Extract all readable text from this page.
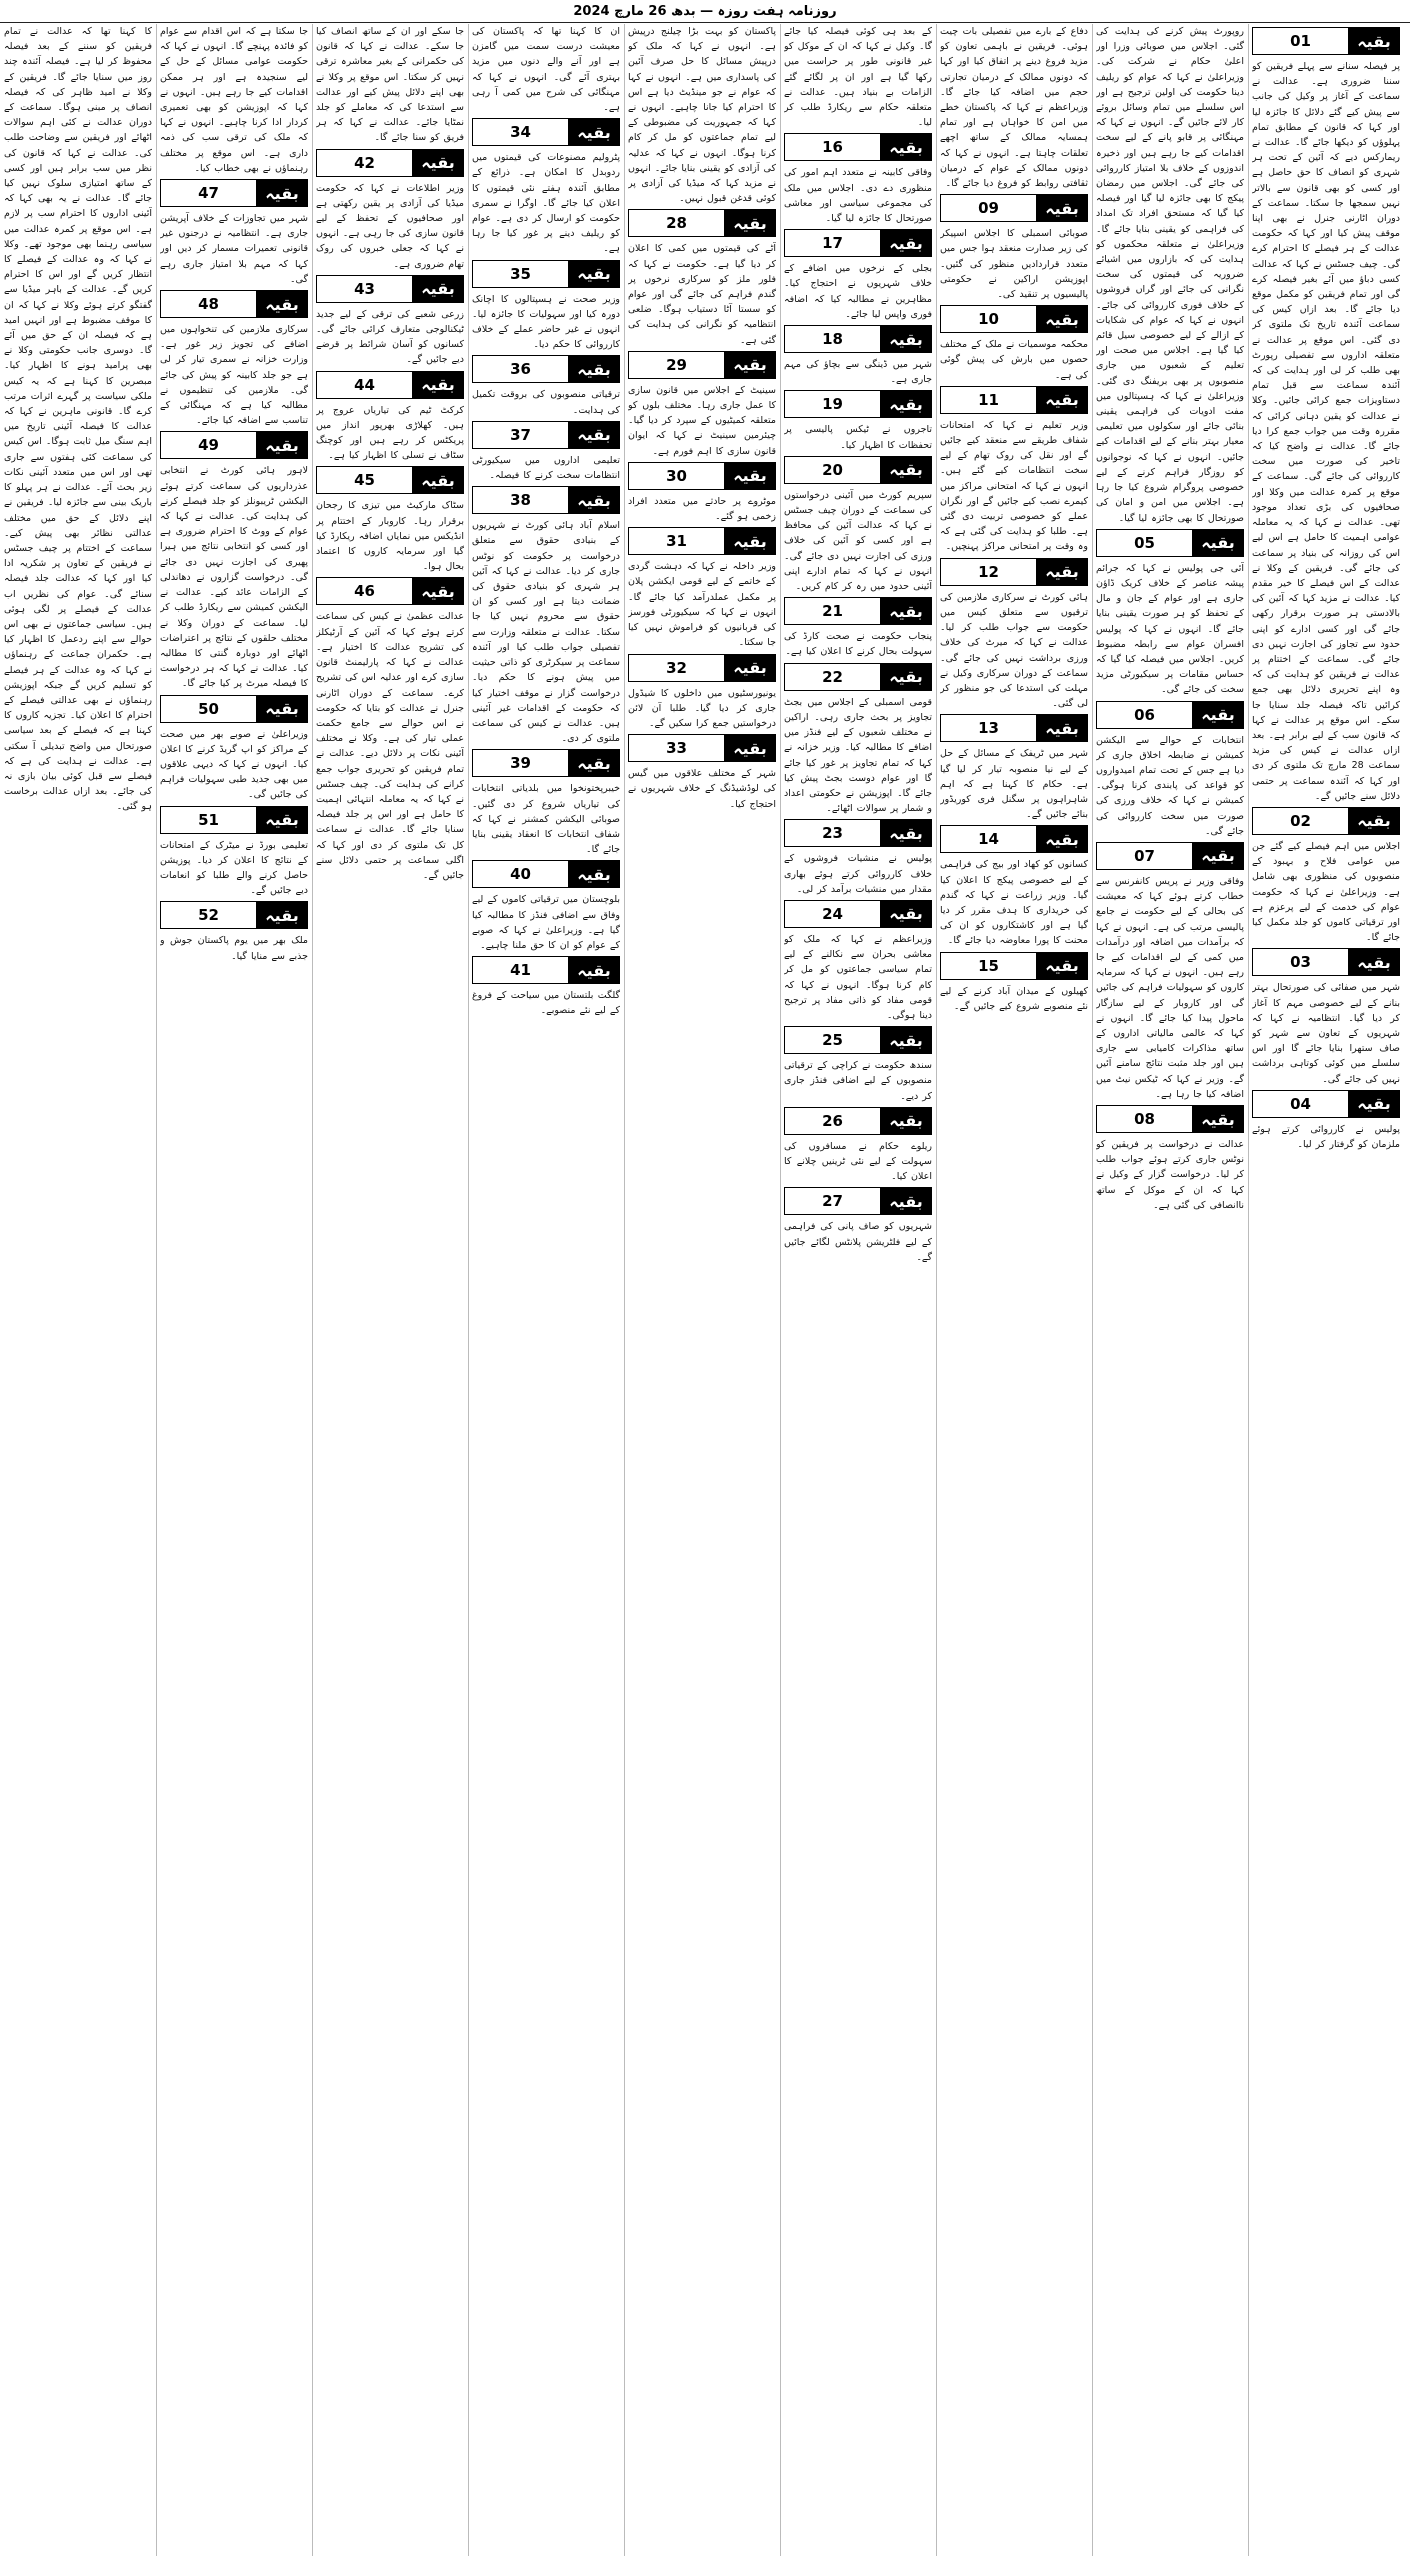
روزنامہ ہفت روزہ — بدھ 26 مارچ 2024
01	بقیہ

پر فیصلہ سنانے سے پہلے فریقین کو سننا ضروری ہے۔ عدالت نے سماعت کے آغاز پر وکیل کی جانب سے پیش کیے گئے دلائل کا جائزہ لیا اور کہا کہ قانون کے مطابق تمام پہلوؤں کو دیکھا جائے گا۔ عدالت نے ریمارکس دیے کہ آئین کے تحت ہر شہری کو انصاف کا حق حاصل ہے اور کسی کو بھی قانون سے بالاتر نہیں سمجھا جا سکتا۔ سماعت کے دوران اٹارنی جنرل نے بھی اپنا موقف پیش کیا اور کہا کہ حکومت عدالت کے ہر فیصلے کا احترام کرے گی۔ چیف جسٹس نے کہا کہ عدالت کسی دباؤ میں آئے بغیر فیصلہ کرے گی اور تمام فریقین کو مکمل موقع دیا جائے گا۔ بعد ازاں کیس کی سماعت آئندہ تاریخ تک ملتوی کر دی گئی۔ اس موقع پر عدالت نے متعلقہ اداروں سے تفصیلی رپورٹ بھی طلب کر لی اور ہدایت کی کہ آئندہ سماعت سے قبل تمام دستاویزات جمع کرائی جائیں۔ وکلا نے عدالت کو یقین دہانی کرائی کہ مقررہ وقت میں جواب جمع کرا دیا جائے گا۔ عدالت نے واضح کیا کہ تاخیر کی صورت میں سخت کارروائی کی جائے گی۔ سماعت کے موقع پر کمرہ عدالت میں وکلا اور صحافیوں کی بڑی تعداد موجود تھی۔ عدالت نے کہا کہ یہ معاملہ عوامی اہمیت کا حامل ہے اس لیے اس کی روزانہ کی بنیاد پر سماعت کی جائے گی۔ فریقین کے وکلا نے عدالت کے اس فیصلے کا خیر مقدم کیا۔ عدالت نے مزید کہا کہ آئین کی بالادستی ہر صورت برقرار رکھی جائے گی اور کسی ادارے کو اپنی حدود سے تجاوز کی اجازت نہیں دی جائے گی۔ سماعت کے اختتام پر عدالت نے فریقین کو ہدایت کی کہ وہ اپنے تحریری دلائل بھی جمع کرائیں تاکہ فیصلہ جلد سنایا جا سکے۔ اس موقع پر عدالت نے کہا کہ قانون سب کے لیے برابر ہے۔ بعد ازاں عدالت نے کیس کی مزید سماعت 28 مارچ تک ملتوی کر دی اور کہا کہ آئندہ سماعت پر حتمی دلائل سنے جائیں گے۔

02	بقیہ

اجلاس میں اہم فیصلے کیے گئے جن میں عوامی فلاح و بہبود کے منصوبوں کی منظوری بھی شامل ہے۔ وزیراعلیٰ نے کہا کہ حکومت عوام کی خدمت کے لیے پرعزم ہے اور ترقیاتی کاموں کو جلد مکمل کیا جائے گا۔

03	بقیہ

شہر میں صفائی کی صورتحال بہتر بنانے کے لیے خصوصی مہم کا آغاز کر دیا گیا۔ انتظامیہ نے کہا کہ شہریوں کے تعاون سے شہر کو صاف ستھرا بنایا جائے گا اور اس سلسلے میں کوئی کوتاہی برداشت نہیں کی جائے گی۔

04	بقیہ

پولیس نے کارروائی کرتے ہوئے ملزمان کو گرفتار کر لیا۔

روپورٹ پیش کرنے کی ہدایت کی گئی۔ اجلاس میں صوبائی وزرا اور اعلیٰ حکام نے شرکت کی۔ وزیراعلیٰ نے کہا کہ عوام کو ریلیف دینا حکومت کی اولین ترجیح ہے اور اس سلسلے میں تمام وسائل بروئے کار لائے جائیں گے۔ انہوں نے کہا کہ مہنگائی پر قابو پانے کے لیے سخت اقدامات کیے جا رہے ہیں اور ذخیرہ اندوزوں کے خلاف بلا امتیاز کارروائی کی جائے گی۔ اجلاس میں رمضان پیکج کا بھی جائزہ لیا گیا اور فیصلہ کیا گیا کہ مستحق افراد تک امداد کی فراہمی کو یقینی بنایا جائے گا۔ وزیراعلیٰ نے متعلقہ محکموں کو ہدایت کی کہ بازاروں میں اشیائے ضروریہ کی قیمتوں کی سخت نگرانی کی جائے اور گراں فروشوں کے خلاف فوری کارروائی کی جائے۔ انہوں نے کہا کہ عوام کی شکایات کے ازالے کے لیے خصوصی سیل قائم کیا گیا ہے۔ اجلاس میں صحت اور تعلیم کے شعبوں میں جاری منصوبوں پر بھی بریفنگ دی گئی۔ وزیراعلیٰ نے کہا کہ ہسپتالوں میں مفت ادویات کی فراہمی یقینی بنائی جائے اور سکولوں میں تعلیمی معیار بہتر بنانے کے لیے اقدامات کیے جائیں۔ انہوں نے کہا کہ نوجوانوں کو روزگار فراہم کرنے کے لیے خصوصی پروگرام شروع کیا جا رہا ہے۔ اجلاس میں امن و امان کی صورتحال کا بھی جائزہ لیا گیا۔

05	بقیہ

آئی جی پولیس نے کہا کہ جرائم پیشہ عناصر کے خلاف کریک ڈاؤن جاری ہے اور عوام کے جان و مال کے تحفظ کو ہر صورت یقینی بنایا جائے گا۔ انہوں نے کہا کہ پولیس افسران عوام سے رابطہ مضبوط کریں۔ اجلاس میں فیصلہ کیا گیا کہ حساس مقامات پر سیکیورٹی مزید سخت کی جائے گی۔

06	بقیہ

انتخابات کے حوالے سے الیکشن کمیشن نے ضابطہ اخلاق جاری کر دیا ہے جس کے تحت تمام امیدواروں کو قواعد کی پابندی کرنا ہوگی۔ کمیشن نے کہا کہ خلاف ورزی کی صورت میں سخت کارروائی کی جائے گی۔

07	بقیہ

وفاقی وزیر نے پریس کانفرنس سے خطاب کرتے ہوئے کہا کہ معیشت کی بحالی کے لیے حکومت نے جامع پالیسی مرتب کی ہے۔ انہوں نے کہا کہ برآمدات میں اضافہ اور درآمدات میں کمی کے لیے اقدامات کیے جا رہے ہیں۔ انہوں نے کہا کہ سرمایہ کاروں کو سہولیات فراہم کی جائیں گی اور کاروبار کے لیے سازگار ماحول پیدا کیا جائے گا۔ انہوں نے کہا کہ عالمی مالیاتی اداروں کے ساتھ مذاکرات کامیابی سے جاری ہیں اور جلد مثبت نتائج سامنے آئیں گے۔ وزیر نے کہا کہ ٹیکس نیٹ میں اضافہ کیا جا رہا ہے۔

08	بقیہ

عدالت نے درخواست پر فریقین کو نوٹس جاری کرتے ہوئے جواب طلب کر لیا۔ درخواست گزار کے وکیل نے کہا کہ ان کے موکل کے ساتھ ناانصافی کی گئی ہے۔

دفاع کے بارے میں تفصیلی بات چیت ہوئی۔ فریقین نے باہمی تعاون کو مزید فروغ دینے پر اتفاق کیا اور کہا کہ دونوں ممالک کے درمیان تجارتی حجم میں اضافہ کیا جائے گا۔ وزیراعظم نے کہا کہ پاکستان خطے میں امن کا خواہاں ہے اور تمام ہمسایہ ممالک کے ساتھ اچھے تعلقات چاہتا ہے۔ انہوں نے کہا کہ دونوں ممالک کے عوام کے درمیان ثقافتی روابط کو فروغ دیا جائے گا۔

09	بقیہ

صوبائی اسمبلی کا اجلاس اسپیکر کی زیر صدارت منعقد ہوا جس میں متعدد قراردادیں منظور کی گئیں۔ اپوزیشن اراکین نے حکومتی پالیسیوں پر تنقید کی۔

10	بقیہ

محکمہ موسمیات نے ملک کے مختلف حصوں میں بارش کی پیش گوئی کی ہے۔

11	بقیہ

وزیر تعلیم نے کہا کہ امتحانات شفاف طریقے سے منعقد کیے جائیں گے اور نقل کی روک تھام کے لیے سخت انتظامات کیے گئے ہیں۔ انہوں نے کہا کہ امتحانی مراکز میں کیمرے نصب کیے جائیں گے اور نگران عملے کو خصوصی تربیت دی گئی ہے۔ طلبا کو ہدایت کی گئی ہے کہ وہ وقت پر امتحانی مراکز پہنچیں۔

12	بقیہ

ہائی کورٹ نے سرکاری ملازمین کی ترقیوں سے متعلق کیس میں حکومت سے جواب طلب کر لیا۔ عدالت نے کہا کہ میرٹ کی خلاف ورزی برداشت نہیں کی جائے گی۔ سماعت کے دوران سرکاری وکیل نے مہلت کی استدعا کی جو منظور کر لی گئی۔

13	بقیہ

شہر میں ٹریفک کے مسائل کے حل کے لیے نیا منصوبہ تیار کر لیا گیا ہے۔ حکام کا کہنا ہے کہ اہم شاہراہوں پر سگنل فری کوریڈور بنائے جائیں گے۔

14	بقیہ

کسانوں کو کھاد اور بیج کی فراہمی کے لیے خصوصی پیکج کا اعلان کیا گیا۔ وزیر زراعت نے کہا کہ گندم کی خریداری کا ہدف مقرر کر دیا گیا ہے اور کاشتکاروں کو ان کی محنت کا پورا معاوضہ دیا جائے گا۔

15	بقیہ

کھیلوں کے میدان آباد کرنے کے لیے نئے منصوبے شروع کیے جائیں گے۔

کے بعد ہی کوئی فیصلہ کیا جائے گا۔ وکیل نے کہا کہ ان کے موکل کو غیر قانونی طور پر حراست میں رکھا گیا ہے اور ان پر لگائے گئے الزامات بے بنیاد ہیں۔ عدالت نے متعلقہ حکام سے ریکارڈ طلب کر لیا۔

16	بقیہ

وفاقی کابینہ نے متعدد اہم امور کی منظوری دے دی۔ اجلاس میں ملک کی مجموعی سیاسی اور معاشی صورتحال کا جائزہ لیا گیا۔

17	بقیہ

بجلی کے نرخوں میں اضافے کے خلاف شہریوں نے احتجاج کیا۔ مظاہرین نے مطالبہ کیا کہ اضافہ فوری واپس لیا جائے۔

18	بقیہ

شہر میں ڈینگی سے بچاؤ کی مہم جاری ہے۔

19	بقیہ

تاجروں نے ٹیکس پالیسی پر تحفظات کا اظہار کیا۔

20	بقیہ

سپریم کورٹ میں آئینی درخواستوں کی سماعت کے دوران چیف جسٹس نے کہا کہ عدالت آئین کی محافظ ہے اور کسی کو آئین کی خلاف ورزی کی اجازت نہیں دی جائے گی۔ انہوں نے کہا کہ تمام ادارے اپنی آئینی حدود میں رہ کر کام کریں۔

21	بقیہ

پنجاب حکومت نے صحت کارڈ کی سہولت بحال کرنے کا اعلان کیا ہے۔

22	بقیہ

قومی اسمبلی کے اجلاس میں بجٹ تجاویز پر بحث جاری رہی۔ اراکین نے مختلف شعبوں کے لیے فنڈز میں اضافے کا مطالبہ کیا۔ وزیر خزانہ نے کہا کہ تمام تجاویز پر غور کیا جائے گا اور عوام دوست بجٹ پیش کیا جائے گا۔ اپوزیشن نے حکومتی اعداد و شمار پر سوالات اٹھائے۔

23	بقیہ

پولیس نے منشیات فروشوں کے خلاف کارروائی کرتے ہوئے بھاری مقدار میں منشیات برآمد کر لی۔

24	بقیہ

وزیراعظم نے کہا کہ ملک کو معاشی بحران سے نکالنے کے لیے تمام سیاسی جماعتوں کو مل کر کام کرنا ہوگا۔ انہوں نے کہا کہ قومی مفاد کو ذاتی مفاد پر ترجیح دینا ہوگی۔

25	بقیہ

سندھ حکومت نے کراچی کے ترقیاتی منصوبوں کے لیے اضافی فنڈز جاری کر دیے۔

26	بقیہ

ریلوے حکام نے مسافروں کی سہولت کے لیے نئی ٹرینیں چلانے کا اعلان کیا۔

27	بقیہ

شہریوں کو صاف پانی کی فراہمی کے لیے فلٹریشن پلانٹس لگائے جائیں گے۔

پاکستان کو بہت بڑا چیلنج درپیش ہے۔ انہوں نے کہا کہ ملک کو درپیش مسائل کا حل صرف آئین کی پاسداری میں ہے۔ انہوں نے کہا کہ عوام نے جو مینڈیٹ دیا ہے اس کا احترام کیا جانا چاہیے۔ انہوں نے کہا کہ جمہوریت کی مضبوطی کے لیے تمام جماعتوں کو مل کر کام کرنا ہوگا۔ انہوں نے کہا کہ عدلیہ کی آزادی کو یقینی بنایا جائے۔ انہوں نے مزید کہا کہ میڈیا کی آزادی پر کوئی قدغن قبول نہیں۔

28	بقیہ

آٹے کی قیمتوں میں کمی کا اعلان کر دیا گیا ہے۔ حکومت نے کہا کہ فلور ملز کو سرکاری نرخوں پر گندم فراہم کی جائے گی اور عوام کو سستا آٹا دستیاب ہوگا۔ ضلعی انتظامیہ کو نگرانی کی ہدایت کی گئی ہے۔

29	بقیہ

سینیٹ کے اجلاس میں قانون سازی کا عمل جاری رہا۔ مختلف بلوں کو متعلقہ کمیٹیوں کے سپرد کر دیا گیا۔ چیئرمین سینیٹ نے کہا کہ ایوان قانون سازی کا اہم فورم ہے۔

30	بقیہ

موٹروے پر حادثے میں متعدد افراد زخمی ہو گئے۔

31	بقیہ

وزیر داخلہ نے کہا کہ دہشت گردی کے خاتمے کے لیے قومی ایکشن پلان پر مکمل عملدرآمد کیا جائے گا۔ انہوں نے کہا کہ سیکیورٹی فورسز کی قربانیوں کو فراموش نہیں کیا جا سکتا۔

32	بقیہ

یونیورسٹیوں میں داخلوں کا شیڈول جاری کر دیا گیا۔ طلبا آن لائن درخواستیں جمع کرا سکیں گے۔

33	بقیہ

شہر کے مختلف علاقوں میں گیس کی لوڈشیڈنگ کے خلاف شہریوں نے احتجاج کیا۔

ان کا کہنا تھا کہ پاکستان کی معیشت درست سمت میں گامزن ہے اور آنے والے دنوں میں مزید بہتری آئے گی۔ انہوں نے کہا کہ مہنگائی کی شرح میں کمی آ رہی ہے۔

34	بقیہ

پٹرولیم مصنوعات کی قیمتوں میں ردوبدل کا امکان ہے۔ ذرائع کے مطابق آئندہ ہفتے نئی قیمتوں کا اعلان کیا جائے گا۔ اوگرا نے سمری حکومت کو ارسال کر دی ہے۔ عوام کو ریلیف دینے پر غور کیا جا رہا ہے۔

35	بقیہ

وزیر صحت نے ہسپتالوں کا اچانک دورہ کیا اور سہولیات کا جائزہ لیا۔ انہوں نے غیر حاضر عملے کے خلاف کارروائی کا حکم دیا۔

36	بقیہ

ترقیاتی منصوبوں کی بروقت تکمیل کی ہدایت۔

37	بقیہ

تعلیمی اداروں میں سیکیورٹی انتظامات سخت کرنے کا فیصلہ۔

38	بقیہ

اسلام آباد ہائی کورٹ نے شہریوں کے بنیادی حقوق سے متعلق درخواست پر حکومت کو نوٹس جاری کر دیا۔ عدالت نے کہا کہ آئین ہر شہری کو بنیادی حقوق کی ضمانت دیتا ہے اور کسی کو ان حقوق سے محروم نہیں کیا جا سکتا۔ عدالت نے متعلقہ وزارت سے تفصیلی جواب طلب کیا اور آئندہ سماعت پر سیکرٹری کو ذاتی حیثیت میں پیش ہونے کا حکم دیا۔ درخواست گزار نے موقف اختیار کیا کہ حکومت کے اقدامات غیر آئینی ہیں۔ عدالت نے کیس کی سماعت ملتوی کر دی۔

39	بقیہ

خیبرپختونخوا میں بلدیاتی انتخابات کی تیاریاں شروع کر دی گئیں۔ صوبائی الیکشن کمشنر نے کہا کہ شفاف انتخابات کا انعقاد یقینی بنایا جائے گا۔

40	بقیہ

بلوچستان میں ترقیاتی کاموں کے لیے وفاق سے اضافی فنڈز کا مطالبہ کیا گیا ہے۔ وزیراعلیٰ نے کہا کہ صوبے کے عوام کو ان کا حق ملنا چاہیے۔

41	بقیہ

گلگت بلتستان میں سیاحت کے فروغ کے لیے نئے منصوبے۔

جا سکے اور ان کے ساتھ انصاف کیا جا سکے۔ عدالت نے کہا کہ قانون کی حکمرانی کے بغیر معاشرہ ترقی نہیں کر سکتا۔ اس موقع پر وکلا نے بھی اپنے دلائل پیش کیے اور عدالت سے استدعا کی کہ معاملے کو جلد نمٹایا جائے۔ عدالت نے کہا کہ ہر فریق کو سنا جائے گا۔

42	بقیہ

وزیر اطلاعات نے کہا کہ حکومت میڈیا کی آزادی پر یقین رکھتی ہے اور صحافیوں کے تحفظ کے لیے قانون سازی کی جا رہی ہے۔ انہوں نے کہا کہ جعلی خبروں کی روک تھام ضروری ہے۔

43	بقیہ

زرعی شعبے کی ترقی کے لیے جدید ٹیکنالوجی متعارف کرائی جائے گی۔ کسانوں کو آسان شرائط پر قرضے دیے جائیں گے۔

44	بقیہ

کرکٹ ٹیم کی تیاریاں عروج پر ہیں۔ کھلاڑی بھرپور انداز میں پریکٹس کر رہے ہیں اور کوچنگ سٹاف نے تسلی کا اظہار کیا ہے۔

45	بقیہ

سٹاک مارکیٹ میں تیزی کا رجحان برقرار رہا۔ کاروبار کے اختتام پر انڈیکس میں نمایاں اضافہ ریکارڈ کیا گیا اور سرمایہ کاروں کا اعتماد بحال ہوا۔

46	بقیہ

عدالت عظمیٰ نے کیس کی سماعت کرتے ہوئے کہا کہ آئین کے آرٹیکلز کی تشریح عدالت کا اختیار ہے۔ عدالت نے کہا کہ پارلیمنٹ قانون سازی کرے اور عدلیہ اس کی تشریح کرے۔ سماعت کے دوران اٹارنی جنرل نے عدالت کو بتایا کہ حکومت نے اس حوالے سے جامع حکمت عملی تیار کی ہے۔ وکلا نے مختلف آئینی نکات پر دلائل دیے۔ عدالت نے تمام فریقین کو تحریری جواب جمع کرانے کی ہدایت کی۔ چیف جسٹس نے کہا کہ یہ معاملہ انتہائی اہمیت کا حامل ہے اور اس پر جلد فیصلہ سنایا جائے گا۔ عدالت نے سماعت کل تک ملتوی کر دی اور کہا کہ اگلی سماعت پر حتمی دلائل سنے جائیں گے۔

جا سکتا ہے کہ اس اقدام سے عوام کو فائدہ پہنچے گا۔ انہوں نے کہا کہ حکومت عوامی مسائل کے حل کے لیے سنجیدہ ہے اور ہر ممکن اقدامات کیے جا رہے ہیں۔ انہوں نے کہا کہ اپوزیشن کو بھی تعمیری کردار ادا کرنا چاہیے۔ انہوں نے کہا کہ ملک کی ترقی سب کی ذمہ داری ہے۔ اس موقع پر مختلف رہنماؤں نے بھی خطاب کیا۔

47	بقیہ

شہر میں تجاوزات کے خلاف آپریشن جاری ہے۔ انتظامیہ نے درجنوں غیر قانونی تعمیرات مسمار کر دیں اور کہا کہ مہم بلا امتیاز جاری رہے گی۔

48	بقیہ

سرکاری ملازمین کی تنخواہوں میں اضافے کی تجویز زیر غور ہے۔ وزارت خزانہ نے سمری تیار کر لی ہے جو جلد کابینہ کو پیش کی جائے گی۔ ملازمین کی تنظیموں نے مطالبہ کیا ہے کہ مہنگائی کے تناسب سے اضافہ کیا جائے۔

49	بقیہ

لاہور ہائی کورٹ نے انتخابی عذرداریوں کی سماعت کرتے ہوئے الیکشن ٹریبونلز کو جلد فیصلے کرنے کی ہدایت کی۔ عدالت نے کہا کہ عوام کے ووٹ کا احترام ضروری ہے اور کسی کو انتخابی نتائج میں ہیرا پھیری کی اجازت نہیں دی جائے گی۔ درخواست گزاروں نے دھاندلی کے الزامات عائد کیے۔ عدالت نے الیکشن کمیشن سے ریکارڈ طلب کر لیا۔ سماعت کے دوران وکلا نے مختلف حلقوں کے نتائج پر اعتراضات اٹھائے اور دوبارہ گنتی کا مطالبہ کیا۔ عدالت نے کہا کہ ہر درخواست کا فیصلہ میرٹ پر کیا جائے گا۔

50	بقیہ

وزیراعلیٰ نے صوبے بھر میں صحت کے مراکز کو اپ گریڈ کرنے کا اعلان کیا۔ انہوں نے کہا کہ دیہی علاقوں میں بھی جدید طبی سہولیات فراہم کی جائیں گی۔

51	بقیہ

تعلیمی بورڈ نے میٹرک کے امتحانات کے نتائج کا اعلان کر دیا۔ پوزیشن حاصل کرنے والے طلبا کو انعامات دیے جائیں گے۔

52	بقیہ

ملک بھر میں یوم پاکستان جوش و جذبے سے منایا گیا۔

کا کہنا تھا کہ عدالت نے تمام فریقین کو سننے کے بعد فیصلہ محفوظ کر لیا ہے۔ فیصلہ آئندہ چند روز میں سنایا جائے گا۔ فریقین کے وکلا نے امید ظاہر کی کہ فیصلہ انصاف پر مبنی ہوگا۔ سماعت کے دوران عدالت نے کئی اہم سوالات اٹھائے اور فریقین سے وضاحت طلب کی۔ عدالت نے کہا کہ قانون کی نظر میں سب برابر ہیں اور کسی کے ساتھ امتیازی سلوک نہیں کیا جائے گا۔ عدالت نے یہ بھی کہا کہ آئینی اداروں کا احترام سب پر لازم ہے۔ اس موقع پر کمرہ عدالت میں سیاسی رہنما بھی موجود تھے۔ وکلا نے کہا کہ وہ عدالت کے فیصلے کا انتظار کریں گے اور اس کا احترام کریں گے۔ عدالت کے باہر میڈیا سے گفتگو کرتے ہوئے وکلا نے کہا کہ ان کا موقف مضبوط ہے اور انہیں امید ہے کہ فیصلہ ان کے حق میں آئے گا۔ دوسری جانب حکومتی وکلا نے بھی پرامید ہونے کا اظہار کیا۔ مبصرین کا کہنا ہے کہ یہ کیس ملکی سیاست پر گہرے اثرات مرتب کرے گا۔ قانونی ماہرین نے کہا کہ عدالت کا فیصلہ آئینی تاریخ میں اہم سنگ میل ثابت ہوگا۔ اس کیس کی سماعت کئی ہفتوں سے جاری تھی اور اس میں متعدد آئینی نکات زیر بحث آئے۔ عدالت نے ہر پہلو کا باریک بینی سے جائزہ لیا۔ فریقین نے اپنے دلائل کے حق میں مختلف عدالتی نظائر بھی پیش کیے۔ سماعت کے اختتام پر چیف جسٹس نے فریقین کے تعاون پر شکریہ ادا کیا اور کہا کہ عدالت جلد فیصلہ سنائے گی۔ عوام کی نظریں اب عدالت کے فیصلے پر لگی ہوئی ہیں۔ سیاسی جماعتوں نے بھی اس حوالے سے اپنے ردعمل کا اظہار کیا ہے۔ حکمران جماعت کے رہنماؤں نے کہا کہ وہ عدالت کے ہر فیصلے کو تسلیم کریں گے جبکہ اپوزیشن رہنماؤں نے بھی عدالتی فیصلے کے احترام کا اعلان کیا۔ تجزیہ کاروں کا کہنا ہے کہ فیصلے کے بعد سیاسی صورتحال میں واضح تبدیلی آ سکتی ہے۔ عدالت نے ہدایت کی ہے کہ فیصلے سے قبل کوئی بیان بازی نہ کی جائے۔ بعد ازاں عدالت برخاست ہو گئی۔
